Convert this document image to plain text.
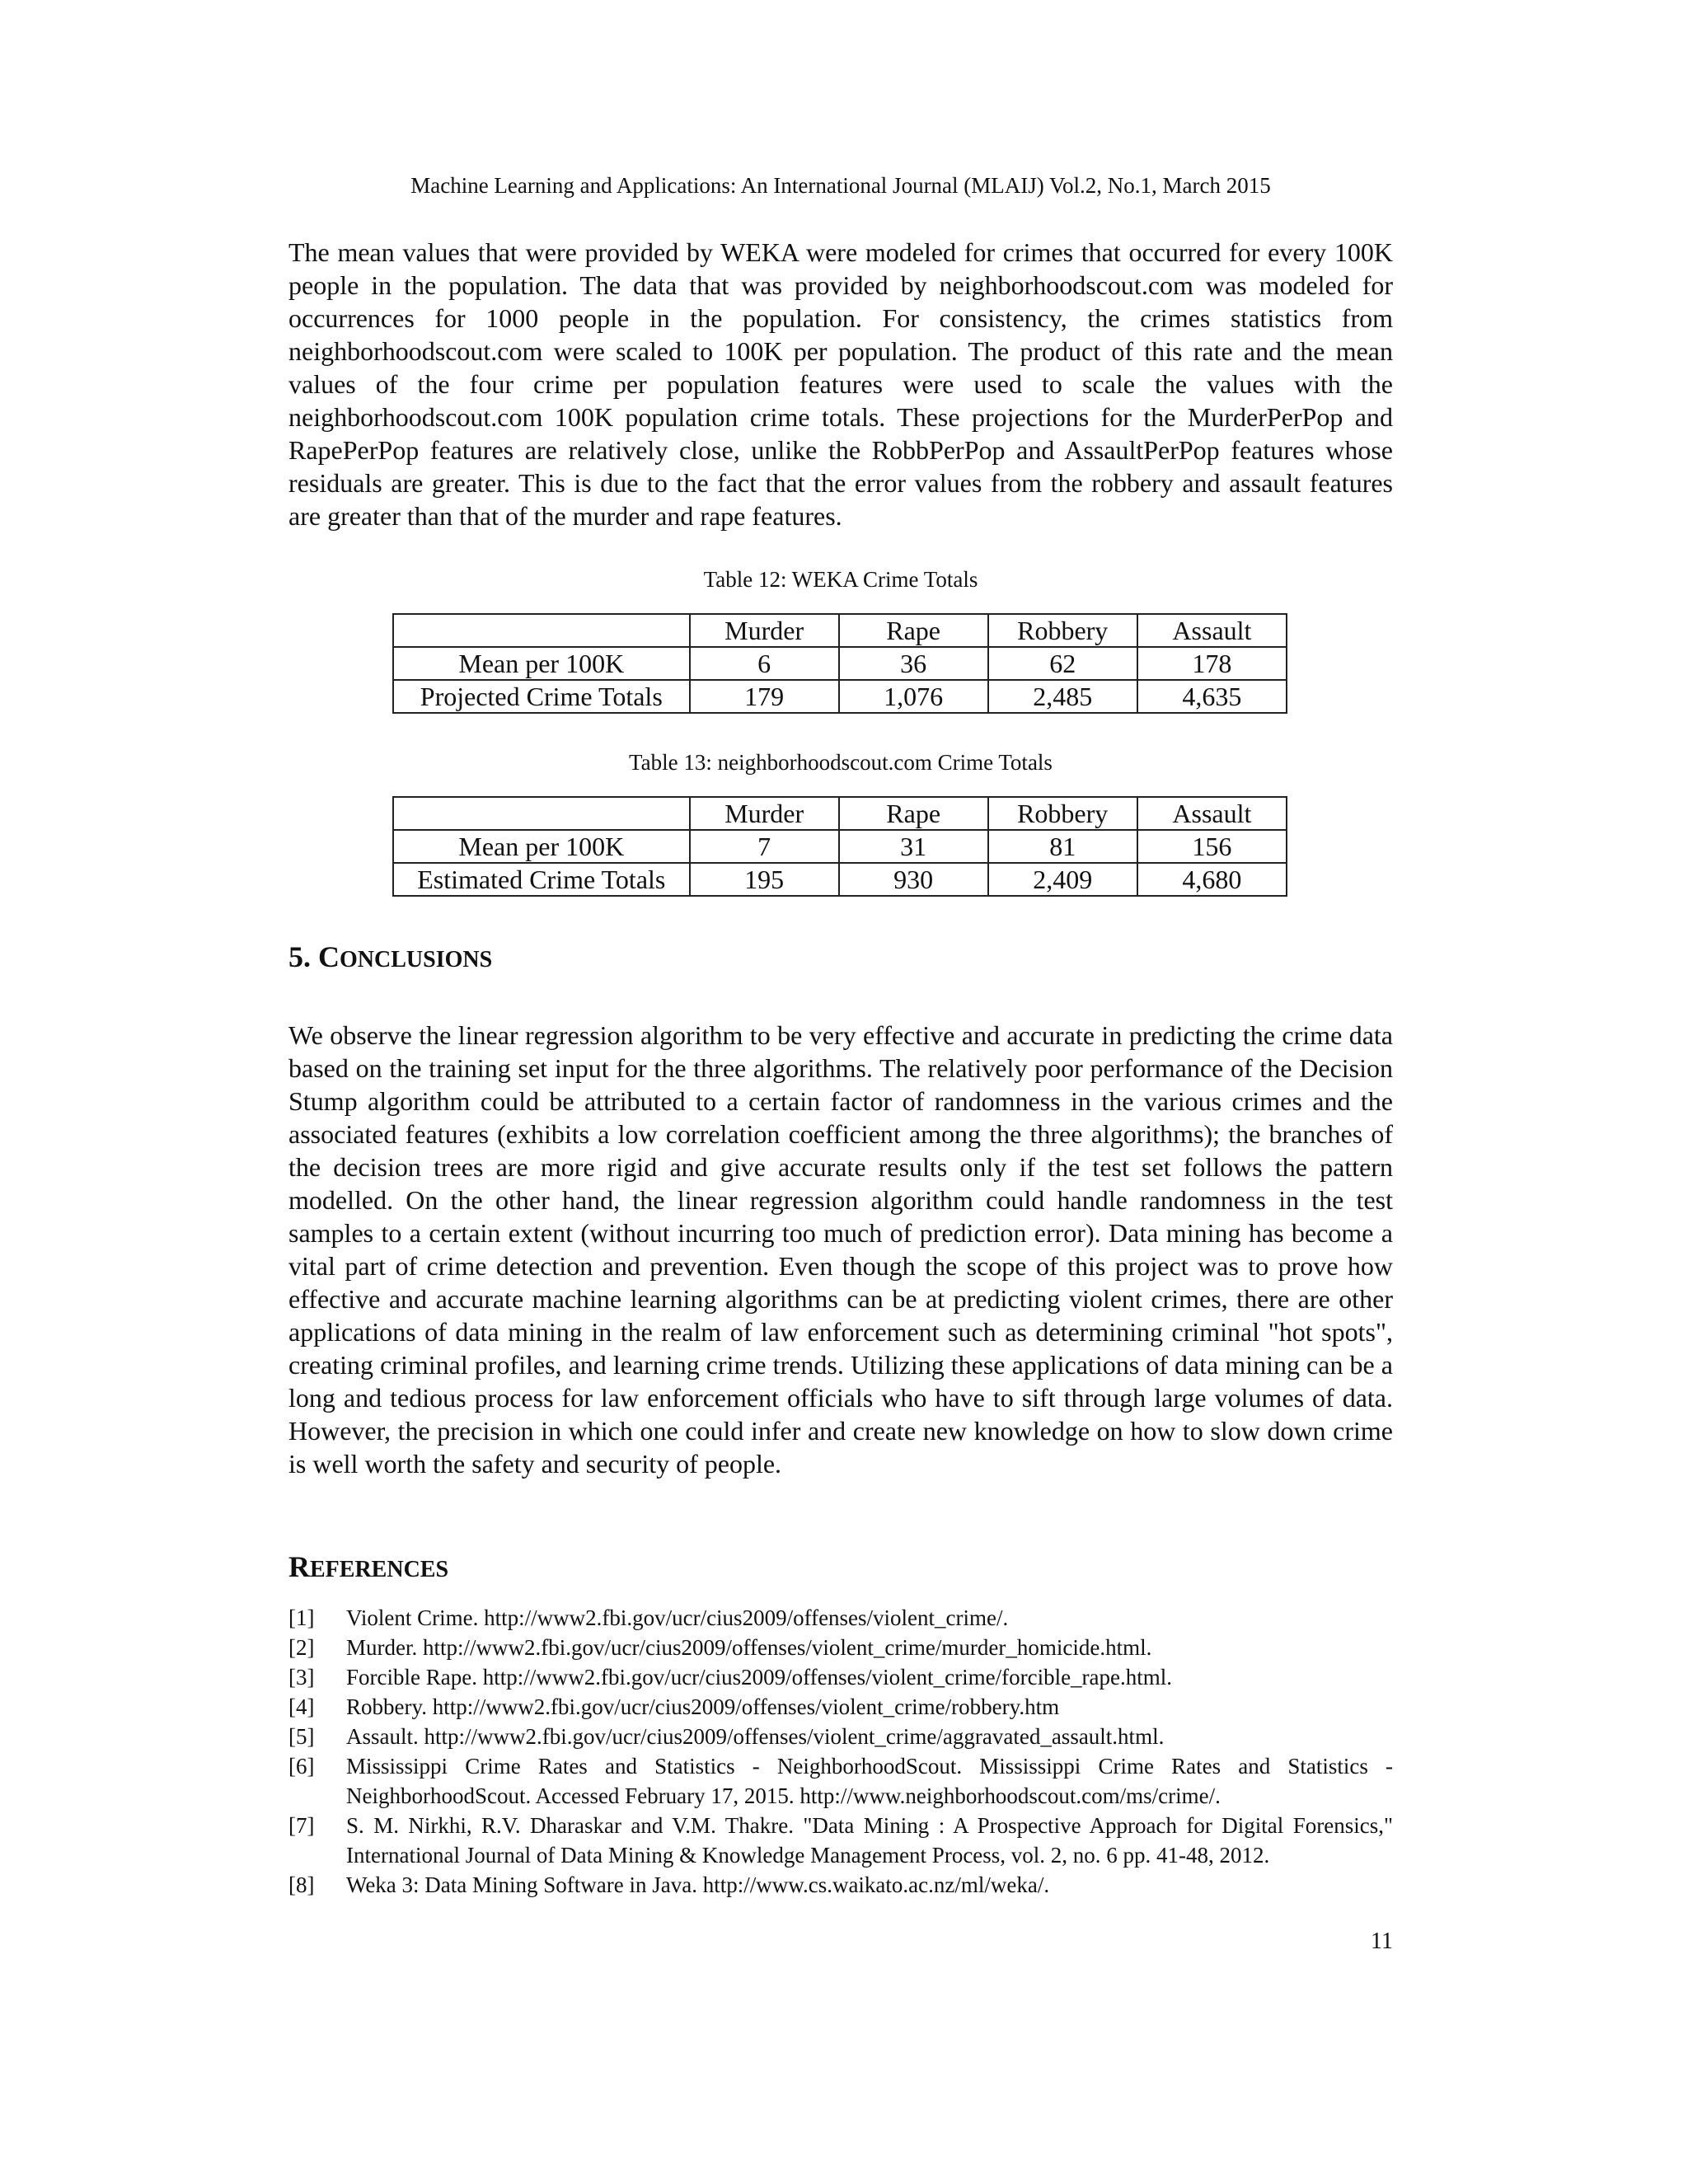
Machine Learning and Applications: An International Journal (MLAIJ) Vol.2, No.1, March 2015

The mean values that were provided by WEKA were modeled for crimes that occurred for every 100K people in the population. The data that was provided by neighborhoodscout.com was modeled for occurrences for 1000 people in the population. For consistency, the crimes statistics from neighborhoodscout.com were scaled to 100K per population. The product of this rate and the mean values of the four crime per population features were used to scale the values with the neighborhoodscout.com 100K population crime totals. These projections for the MurderPerPop and RapePerPop features are relatively close, unlike the RobbPerPop and AssaultPerPop features whose residuals are greater. This is due to the fact that the error values from the robbery and assault features are greater than that of the murder and rape features.

Table 12: WEKA Crime Totals
	Murder	Rape	Robbery	Assault
Mean per 100K	6	36	62	178
Projected Crime Totals	179	1,076	2,485	4,635
Table 13: neighborhoodscout.com Crime Totals
	Murder	Rape	Robbery	Assault
Mean per 100K	7	31	81	156
Estimated Crime Totals	195	930	2,409	4,680
5. CONCLUSIONS

We observe the linear regression algorithm to be very effective and accurate in predicting the crime data based on the training set input for the three algorithms. The relatively poor performance of the Decision Stump algorithm could be attributed to a certain factor of randomness in the various crimes and the associated features (exhibits a low correlation coefficient among the three algorithms); the branches of the decision trees are more rigid and give accurate results only if the test set follows the pattern modelled. On the other hand, the linear regression algorithm could handle randomness in the test samples to a certain extent (without incurring too much of prediction error). Data mining has become a vital part of crime detection and prevention. Even though the scope of this project was to prove how effective and accurate machine learning algorithms can be at predicting violent crimes, there are other applications of data mining in the realm of law enforcement such as determining criminal "hot spots", creating criminal profiles, and learning crime trends. Utilizing these applications of data mining can be a long and tedious process for law enforcement officials who have to sift through large volumes of data. However, the precision in which one could infer and create new knowledge on how to slow down crime is well worth the safety and security of people.

REFERENCES
[1]	Violent Crime. http://www2.fbi.gov/ucr/cius2009/offenses/violent_crime/.
[2]	Murder. http://www2.fbi.gov/ucr/cius2009/offenses/violent_crime/murder_homicide.html.
[3]	Forcible Rape. http://www2.fbi.gov/ucr/cius2009/offenses/violent_crime/forcible_rape.html.
[4]	Robbery. http://www2.fbi.gov/ucr/cius2009/offenses/violent_crime/robbery.htm
[5]	Assault. http://www2.fbi.gov/ucr/cius2009/offenses/violent_crime/aggravated_assault.html.
[6]	Mississippi Crime Rates and Statistics - NeighborhoodScout. Mississippi Crime Rates and Statistics - NeighborhoodScout. Accessed February 17, 2015. http://www.neighborhoodscout.com/ms/crime/.
[7]	S. M. Nirkhi, R.V. Dharaskar and V.M. Thakre. "Data Mining : A Prospective Approach for Digital Forensics," International Journal of Data Mining & Knowledge Management Process, vol. 2, no. 6 pp. 41-48, 2012.
[8]	Weka 3: Data Mining Software in Java. http://www.cs.waikato.ac.nz/ml/weka/.
11
